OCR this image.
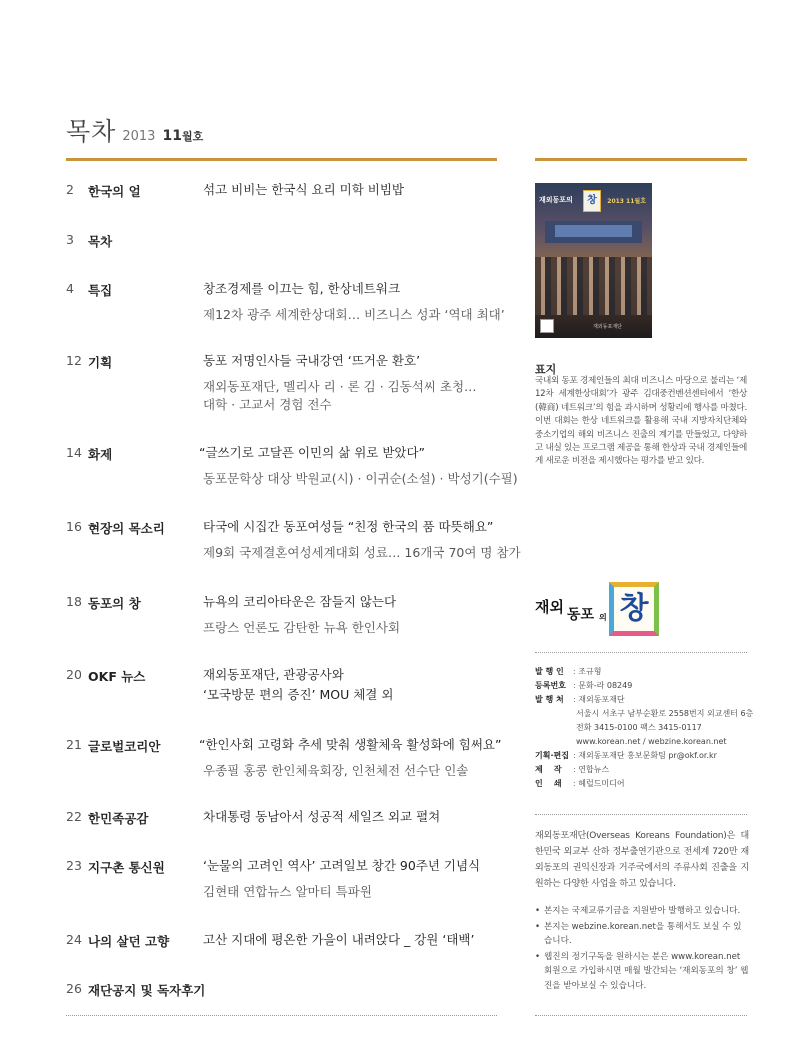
목차 2013 11월호
2	한국의 얼	섞고 비비는 한국식 요리 미학 비빔밥
3	목차
4	특집	창조경제를 이끄는 힘, 한상네트워크
제12차 광주 세계한상대회… 비즈니스 성과 ‘역대 최대’
12 기획	동포 저명인사들 국내강연 ‘뜨거운 환호’
재외동포재단, 멜리사 리 · 론 김 · 김동석씨 초청…
대학 · 고교서 경험 전수
14 화제	“글쓰기로 고달픈 이민의 삶 위로 받았다”
동포문학상 대상 박원교(시) · 이귀순(소설) · 박성기(수필)
16 현장의 목소리	타국에 시집간 동포여성들 “친정 한국의 품 따뜻해요”
제9회 국제결혼여성세계대회 성료… 16개국 70여 명 참가
18 동포의 창	뉴욕의 코리아타운은 잠들지 않는다
프랑스 언론도 감탄한 뉴욕 한인사회
20 OKF 뉴스	재외동포재단, 관광공사와
‘모국방문 편의 증진’ MOU 체결 외
21 글로벌코리안	“한인사회 고령화 추세 맞춰 생활체육 활성화에 힘써요”
우종필 홍콩 한인체육회장, 인천체전 선수단 인솔
22 한민족공감	차대통령 동남아서 성공적 세일즈 외교 펼쳐
23 지구촌 통신원	‘눈물의 고려인 역사’ 고려일보 창간 90주년 기념식
김현태 연합뉴스 알마티 특파원
24 나의 살던 고향	고산 지대에 평온한 가을이 내려앉다 _ 강원 ‘태백’
26 재단공지 및 독자후기
재외동포의	창	2013 11월호
재외동포재단
표지
국내외 동포 경제인들의 최대 비즈니스 마당으로 불리는 ‘제12차 세계한상대회’가 광주 김대중컨벤션센터에서 ‘한상(韓商) 네트워크’의 힘을 과시하며 성황리에 행사를 마쳤다. 이번 대회는 한상 네트워크를 활용해 국내 지방자치단체와 중소기업의 해외 비즈니스 진출의 계기를 만들었고, 다양하고 내실 있는 프로그램 제공을 통해 한상과 국내 경제인들에게 새로운 비전을 제시했다는 평가를 받고 있다.
재외 동포 의 창
발 행 인 : 조규형
등록번호 : 문화-라 08249
발 행 처 : 재외동포재단
서울시 서초구 남부순환로 2558번지 외교센터 6층
전화 3415-0100 팩스 3415-0117
www.korean.net / webzine.korean.net
기획·편집 : 재외동포재단 홍보문화팀 pr@okf.or.kr
제    작 : 연합뉴스
인    쇄 : 헤럴드미디어
재외동포재단(Overseas Koreans Foundation)은 대한민국 외교부 산하 정부출연기관으로 전세계 720만 재외동포의 권익신장과 거주국에서의 주류사회 진출을 지원하는 다양한 사업을 하고 있습니다.
• 본지는 국제교류기금을 지원받아 발행하고 있습니다.
• 본지는 webzine.korean.net을 통해서도 보실 수 있습니다.
• 웹진의 정기구독을 원하시는 분은 www.korean.net 회원으로 가입하시면 매월 발간되는 ‘재외동포의 창’ 웹진을 받아보실 수 있습니다.
